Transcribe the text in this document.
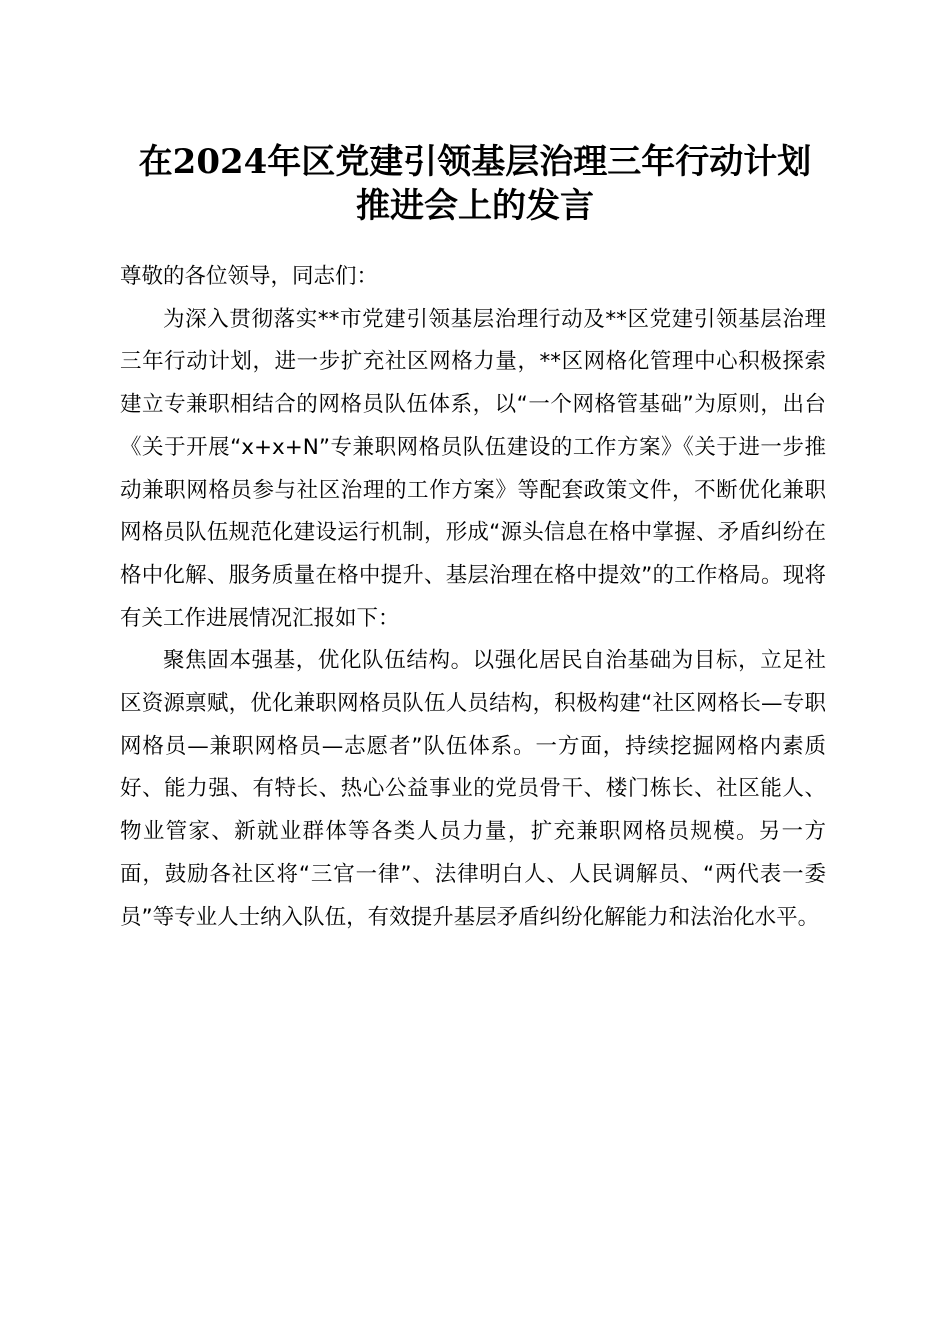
在2024年区党建引领基层治理三年行动计划
推进会上的发言

尊敬的各位领导，同志们：

为深入贯彻落实**市党建引领基层治理行动及**区党建引领基层治理三年行动计划，进一步扩充社区网格力量，**区网格化管理中心积极探索建立专兼职相结合的网格员队伍体系，以“一个网格管基础”为原则，出台《关于开展“x+x+N”专兼职网格员队伍建设的工作方案》《关于进一步推动兼职网格员参与社区治理的工作方案》等配套政策文件，不断优化兼职网格员队伍规范化建设运行机制，形成“源头信息在格中掌握、矛盾纠纷在格中化解、服务质量在格中提升、基层治理在格中提效”的工作格局。现将有关工作进展情况汇报如下：

聚焦固本强基，优化队伍结构。以强化居民自治基础为目标，立足社区资源禀赋，优化兼职网格员队伍人员结构，积极构建“社区网格长—专职网格员—兼职网格员—志愿者”队伍体系。一方面，持续挖掘网格内素质好、能力强、有特长、热心公益事业的党员骨干、楼门栋长、社区能人、物业管家、新就业群体等各类人员力量，扩充兼职网格员规模。另一方面，鼓励各社区将“三官一律”、法律明白人、人民调解员、“两代表一委员”等专业人士纳入队伍，有效提升基层矛盾纠纷化解能力和法治化水平。
